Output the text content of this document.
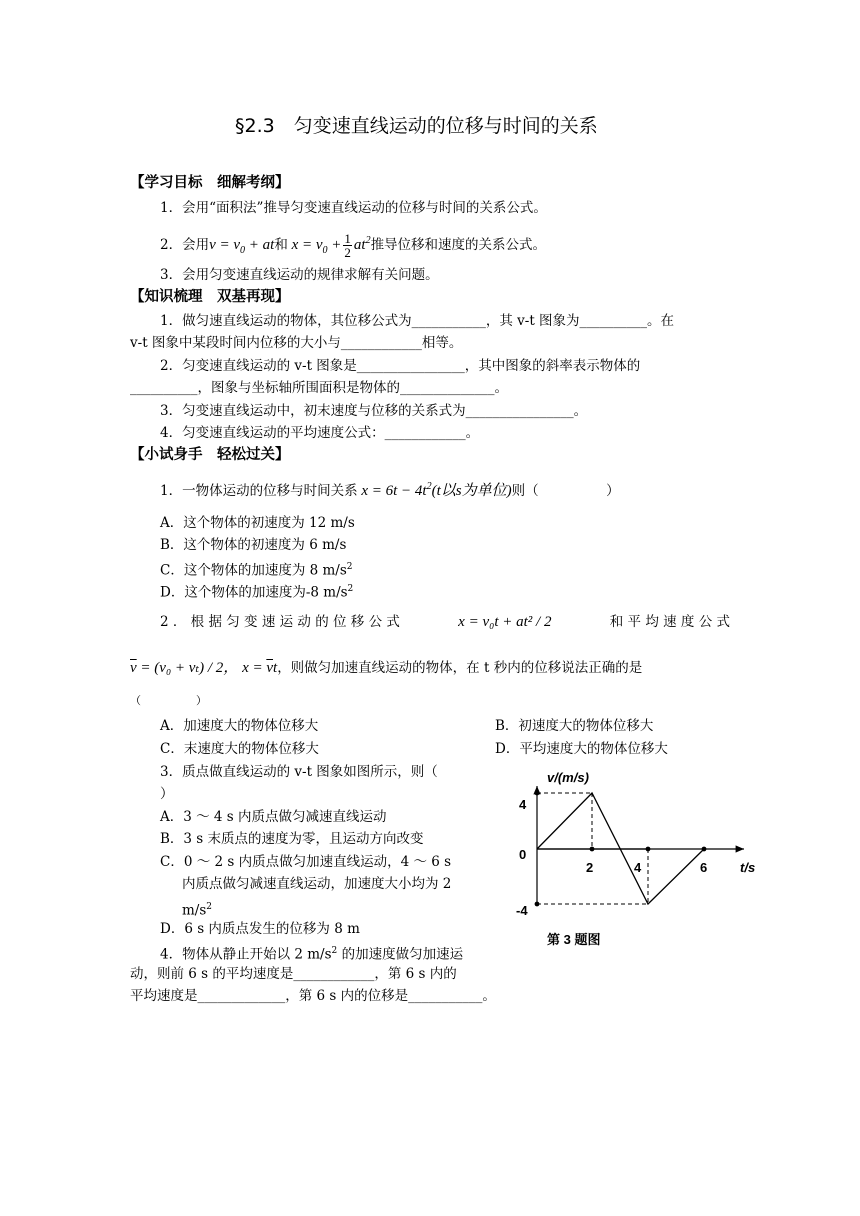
§2.3　匀变速直线运动的位移与时间的关系
【学习目标　细解考纲】
1．会用“面积法”推导匀变速直线运动的位移与时间的关系公式。
2．会用$v = v_0$ + at和 $x = v_0 + \frac{1}{2} at^2$推导位移和速度的关系公式。
3．会用匀变速直线运动的规律求解有关问题。
【知识梳理　双基再现】
1．做匀速直线运动的物体，其位移公式为___________，其 v-t 图象为__________。在
v-t 图象中某段时间内位移的大小与____________相等。
2．匀变速直线运动的 v-t 图象是________________，其中图象的斜率表示物体的
__________，图象与坐标轴所围面积是物体的______________。
3．匀变速直线运动中，初末速度与位移的关系式为________________。
4．匀变速直线运动的平均速度公式：____________。
【小试身手　轻松过关】
1．一物体运动的位移与时间关系 $x = 6t - 4t^2(t$以s为单位)则（　　　　　）
A．这个物体的初速度为 12 m/s
B．这个物体的初速度为 6 m/s
C．这个物体的加速度为 8 $m/s^2$
D．这个物体的加速度为-8 $m/s^2$
2 ． 根 据 匀 变 速 运 动 的 位 移 公 式	x = v₀t + at² / 2	和 平 均 速 度 公 式
$\overline{v} = (v_0 + v_t) / 2$， $x = \overline{v}t$，则做匀加速直线运动的物体，在 t 秒内的位移说法正确的是
（　　　　　）
A．加速度大的物体位移大	B．初速度大的物体位移大
C．末速度大的物体位移大	D．平均速度大的物体位移大
3．质点做直线运动的 v-t 图象如图所示，则（
）
A．3 ～ 4 s 内质点做匀减速直线运动
B．3 s 末质点的速度为零，且运动方向改变
C．0 ～ 2 s 内质点做匀加速直线运动，4 ～ 6 s
内质点做匀减速直线运动，加速度大小均为 2
$m/s^2$
D．6 s 内质点发生的位移为 8 m
4．物体从静止开始以 2 $m/s^2$ 的加速度做匀加速运
动，则前 6 s 的平均速度是____________，第 6 s 内的
平均速度是_____________，第 6 s 内的位移是___________。
v/(m/s)
4
0
-4
2	4	6	t/s
第 3 题图
